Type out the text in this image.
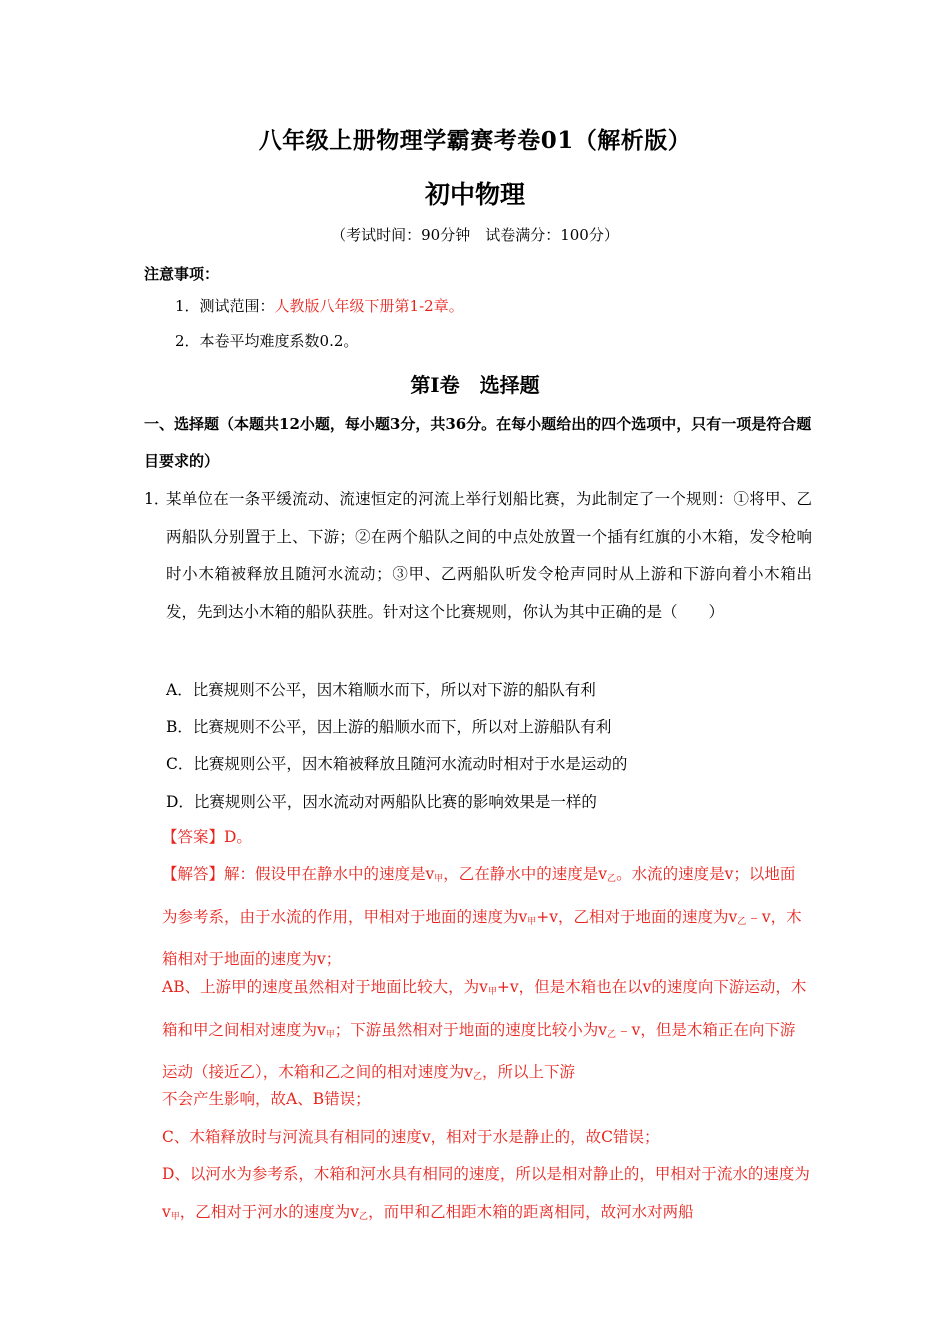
八年级上册物理学霸赛考卷01（解析版）
初中物理
（考试时间：90分钟　试卷满分：100分）
注意事项：
1．测试范围：人教版八年级下册第1-2章。
2．本卷平均难度系数0.2。
第Ⅰ卷　选择题
一、选择题（本题共12小题，每小题3分，共36分。在每小题给出的四个选项中，只有一项是符合题目要求的）
1．
某单位在一条平缓流动、流速恒定的河流上举行划船比赛，为此制定了一个规则：①将甲、乙两船队分别置于上、下游；②在两个船队之间的中点处放置一个插有红旗的小木箱，发令枪响时小木箱被释放且随河水流动；③甲、乙两船队听发令枪声同时从上游和下游向着小木箱出发，先到达小木箱的船队获胜。针对这个比赛规则，你认为其中正确的是（　　）
A．比赛规则不公平，因木箱顺水而下，所以对下游的船队有利
B．比赛规则不公平，因上游的船顺水而下，所以对上游船队有利
C．比赛规则公平，因木箱被释放且随河水流动时相对于水是运动的
D．比赛规则公平，因水流动对两船队比赛的影响效果是一样的
【答案】D。
【解答】解：假设甲在静水中的速度是$v_甲$，乙在静水中的速度是$v_乙$。水流的速度是v；以地面为参考系，由于水流的作用，甲相对于地面的速度为$v_甲+v$，乙相对于地面的速度为$v_乙﹣v$，木箱相对于地面的速度为v；
AB、上游甲的速度虽然相对于地面比较大，为$v_甲+v$，但是木箱也在以v的速度向下游运动，木箱和甲之间相对速度为$v_甲$；下游虽然相对于地面的速度比较小为$v_乙﹣v$，但是木箱正在向下游运动（接近乙），木箱和乙之间的相对速度为$v_乙$，所以上下游
不会产生影响，故A、B错误；
C、木箱释放时与河流具有相同的速度v，相对于水是静止的，故C错误；
D、以河水为参考系，木箱和河水具有相同的速度，所以是相对静止的，甲相对于流水的速度为$v_甲$，乙相对于河水的速度为$v_乙$，而甲和乙相距木箱的距离相同，故河水对两船
